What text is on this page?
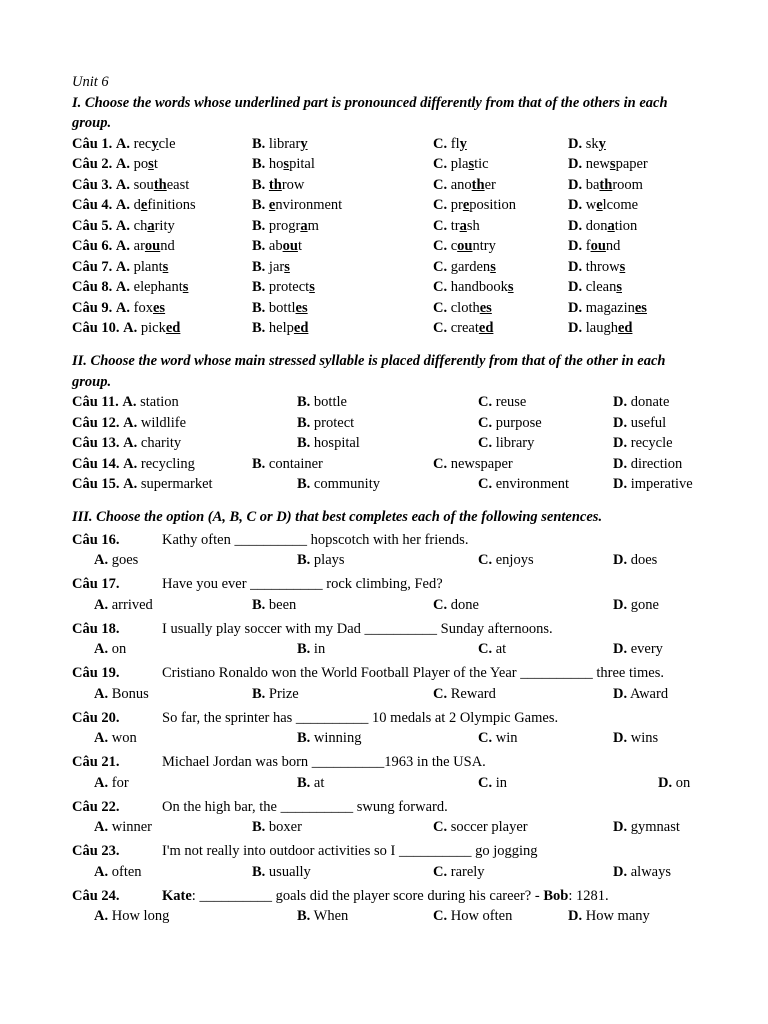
Unit 6
I. Choose the words whose underlined part is pronounced differently from that of the others in each group.
Câu 1. A. recycle	B. library	C. fly	D. sky
Câu 2. A. post	B. hospital	C. plastic	D. newspaper
Câu 3. A. southeast	B. throw	C. another	D. bathroom
Câu 4. A. definitions	B. environment	C. preposition	D. welcome
Câu 5. A. charity	B. program	C. trash	D. donation
Câu 6. A. around	B. about	C. country	D. found
Câu 7. A. plants	B. jars	C. gardens	D. throws
Câu 8. A. elephants	B. protects	C. handbooks	D. cleans
Câu 9. A. foxes	B. bottles	C. clothes	D. magazines
Câu 10. A. picked	B. helped	C. created	D. laughed
II. Choose the word whose main stressed syllable is placed differently from that of the other in each group.
Câu 11. A. station	B. bottle	C. reuse	D. donate
Câu 12. A. wildlife	B. protect	C. purpose	D. useful
Câu 13. A. charity	B. hospital	C. library	D. recycle
Câu 14. A. recycling	B. container	C. newspaper	D. direction
Câu 15. A. supermarket	B. community	C. environment	D. imperative
III. Choose the option (A, B, C or D) that best completes each of the following sentences.
Câu 16.	Kathy often __________ hopscotch with her friends.
A. goes	B. plays	C. enjoys	D. does
Câu 17.	Have you ever __________ rock climbing, Fed?
A. arrived	B. been	C. done	D. gone
Câu 18.	I usually play soccer with my Dad __________ Sunday afternoons.
A. on	B. in	C. at	D. every
Câu 19.	Cristiano Ronaldo won the World Football Player of the Year __________ three times.
A. Bonus	B. Prize	C. Reward	D. Award
Câu 20.	So far, the sprinter has __________ 10 medals at 2 Olympic Games.
A. won	B. winning	C. win	D. wins
Câu 21.	Michael Jordan was born __________1963 in the USA.
A. for	B. at	C. in	D. on
Câu 22.	On the high bar, the __________ swung forward.
A. winner	B. boxer	C. soccer player	D. gymnast
Câu 23.	I'm not really into outdoor activities so I __________ go jogging
A. often	B. usually	C. rarely	D. always
Câu 24.	Kate: __________ goals did the player score during his career? - Bob: 1281.
A. How long	B. When	C. How often	D. How many
